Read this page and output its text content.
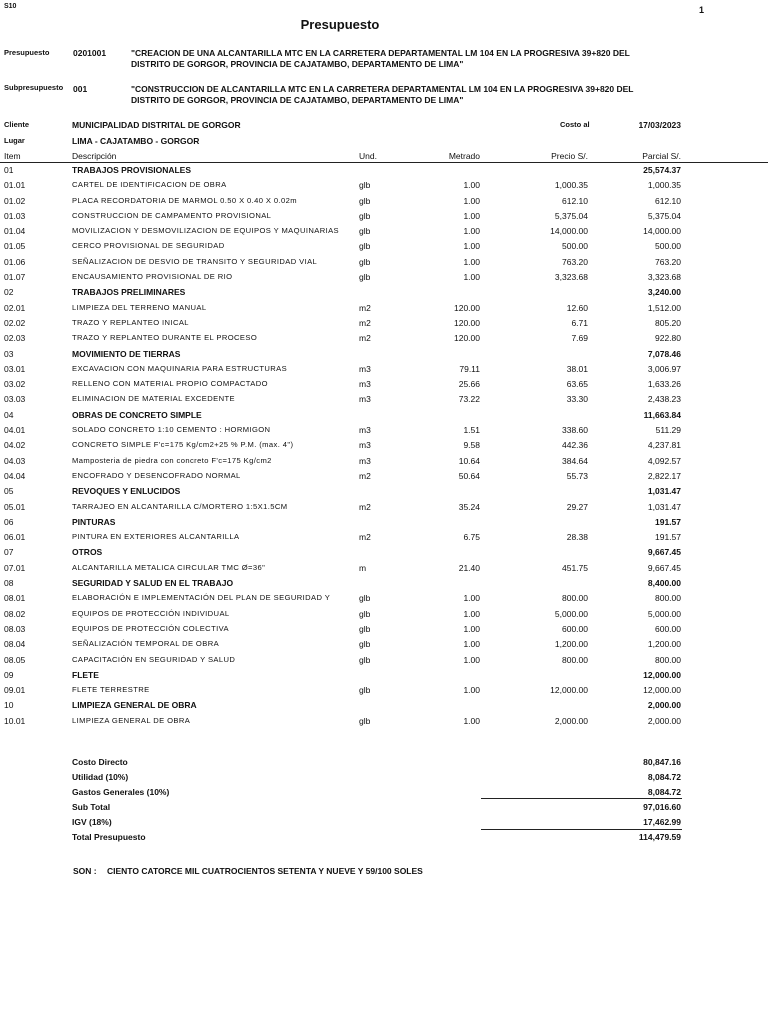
S10	1
Presupuesto
Presupuesto	0201001	"CREACION DE UNA ALCANTARILLA MTC EN LA CARRETERA DEPARTAMENTAL LM 104 EN LA PROGRESIVA 39+820 DEL DISTRITO DE GORGOR, PROVINCIA DE CAJATAMBO, DEPARTAMENTO DE LIMA"
Subpresupuesto 001	"CONSTRUCCION DE ALCANTARILLA MTC EN LA CARRETERA DEPARTAMENTAL LM 104 EN LA PROGRESIVA 39+820 DEL DISTRITO DE GORGOR, PROVINCIA DE CAJATAMBO, DEPARTAMENTO DE LIMA"
Cliente	MUNICIPALIDAD DISTRITAL DE GORGOR	Costo al	17/03/2023
Lugar	LIMA - CAJATAMBO - GORGOR
Item	Descripción	Und.	Metrado	Precio S/.	Parcial S/.
01	TRABAJOS PROVISIONALES	25,574.37
01.01	CARTEL DE IDENTIFICACION DE OBRA	glb	1.00	1,000.35	1,000.35
01.02	PLACA RECORDATORIA DE MARMOL 0.50 X 0.40 X 0.02m	glb	1.00	612.10	612.10
01.03	CONSTRUCCION DE CAMPAMENTO PROVISIONAL	glb	1.00	5,375.04	5,375.04
01.04	MOVILIZACION Y DESMOVILIZACION DE EQUIPOS Y MAQUINARIAS glb	1.00	14,000.00	14,000.00
01.05	CERCO PROVISIONAL DE SEGURIDAD	glb	1.00	500.00	500.00
01.06	SEÑALIZACION DE DESVIO DE TRANSITO Y SEGURIDAD VIAL	glb	1.00	763.20	763.20
01.07	ENCAUSAMIENTO PROVISIONAL DE RIO	glb	1.00	3,323.68	3,323.68
02	TRABAJOS PRELIMINARES	3,240.00
02.01	LIMPIEZA DEL TERRENO MANUAL	m2	120.00	12.60	1,512.00
02.02	TRAZO Y REPLANTEO INICAL	m2	120.00	6.71	805.20
02.03	TRAZO Y REPLANTEO DURANTE EL PROCESO	m2	120.00	7.69	922.80
03	MOVIMIENTO DE TIERRAS	7,078.46
03.01	EXCAVACION CON MAQUINARIA PARA ESTRUCTURAS	m3	79.11	38.01	3,006.97
03.02	RELLENO CON MATERIAL PROPIO COMPACTADO	m3	25.66	63.65	1,633.26
03.03	ELIMINACION DE MATERIAL EXCEDENTE	m3	73.22	33.30	2,438.23
04	OBRAS DE CONCRETO SIMPLE	11,663.84
04.01	SOLADO CONCRETO 1:10 CEMENTO : HORMIGON	m3	1.51	338.60	511.29
04.02	CONCRETO SIMPLE F'c=175 Kg/cm2+25 % P.M. (max. 4")	m3	9.58	442.36	4,237.81
04.03	Mamposteria de piedra con concreto F'c=175 Kg/cm2	m3	10.64	384.64	4,092.57
04.04	ENCOFRADO Y DESENCOFRADO NORMAL	m2	50.64	55.73	2,822.17
05	REVOQUES Y ENLUCIDOS	1,031.47
05.01	TARRAJEO EN ALCANTARILLA C/MORTERO 1:5X1.5CM	m2	35.24	29.27	1,031.47
06	PINTURAS	191.57
06.01	PINTURA EN EXTERIORES ALCANTARILLA	m2	6.75	28.38	191.57
07	OTROS	9,667.45
07.01	ALCANTARILLA METALICA CIRCULAR TMC Ø=36"	m	21.40	451.75	9,667.45
08	SEGURIDAD Y SALUD EN EL TRABAJO	8,400.00
08.01	ELABORACIÓN E IMPLEMENTACIÓN DEL PLAN DE SEGURIDAD Y	glb	1.00	800.00	800.00
08.02	EQUIPOS DE PROTECCIÓN INDIVIDUAL	glb	1.00	5,000.00	5,000.00
08.03	EQUIPOS DE PROTECCIÓN COLECTIVA	glb	1.00	600.00	600.00
08.04	SEÑALIZACIÓN TEMPORAL DE OBRA	glb	1.00	1,200.00	1,200.00
08.05	CAPACITACIÓN EN SEGURIDAD Y SALUD	glb	1.00	800.00	800.00
09	FLETE	12,000.00
09.01	FLETE TERRESTRE	glb	1.00	12,000.00	12,000.00
10	LIMPIEZA GENERAL DE OBRA	2,000.00
10.01	LIMPIEZA GENERAL DE OBRA	glb	1.00	2,000.00	2,000.00
Costo Directo	80,847.16
Utilidad (10%)	8,084.72
Gastos Generales (10%)	8,084.72
Sub Total	97,016.60
IGV (18%)	17,462.99
Total Presupuesto	114,479.59
SON : CIENTO CATORCE MIL CUATROCIENTOS SETENTA Y NUEVE Y 59/100 SOLES
